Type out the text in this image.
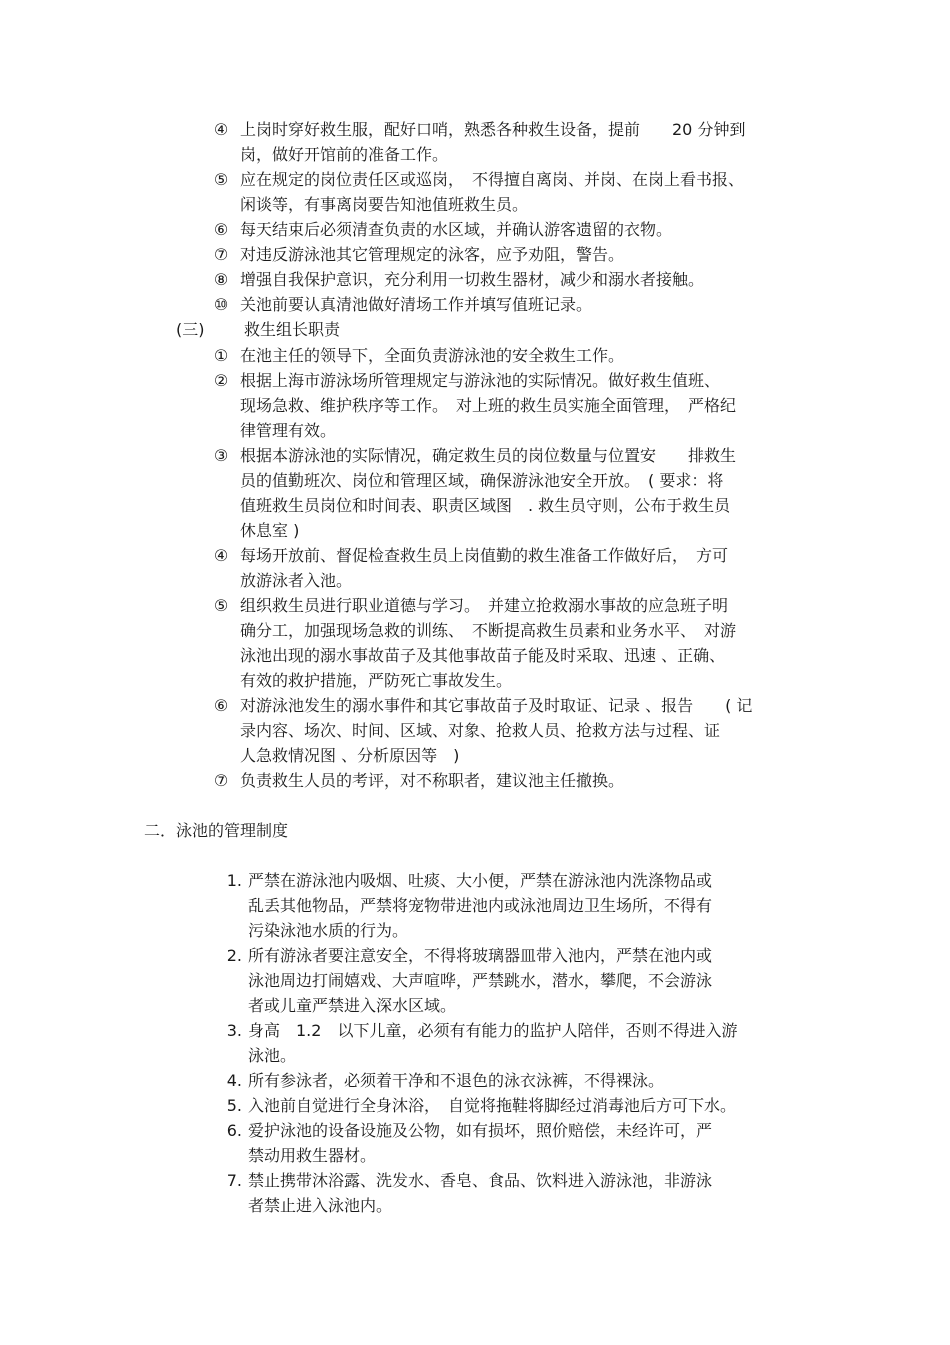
④ 上岗时穿好救生服，配好口哨，熟悉各种救生设备，提前　　20 分钟到
岗，做好开馆前的准备工作。
⑤ 应在规定的岗位责任区或巡岗，　不得擅自离岗、并岗、在岗上看书报、
闲谈等，有事离岗要告知池值班救生员。
⑥ 每天结束后必须清查负责的水区域，并确认游客遗留的衣物。
⑦ 对违反游泳池其它管理规定的泳客，应予劝阻，警告。
⑧ 增强自我保护意识，充分利用一切救生器材，减少和溺水者接触。
⑩ 关池前要认真清池做好清场工作并填写值班记录。
(三) 救生组长职责
① 在池主任的领导下，全面负责游泳池的安全救生工作。
② 根据上海市游泳场所管理规定与游泳池的实际情况。做好救生值班、
现场急救、维护秩序等工作。　对上班的救生员实施全面管理，　严格纪
律管理有效。
③ 根据本游泳池的实际情况，确定救生员的岗位数量与位置安　　排救生
员的值勤班次、岗位和管理区域，确保游泳池安全开放。　( 要求：将
值班救生员岗位和时间表、职责区域图　. 救生员守则，公布于救生员
休息室 )
④ 每场开放前、督促检查救生员上岗值勤的救生准备工作做好后，　方可
放游泳者入池。
⑤ 组织救生员进行职业道德与学习。　并建立抢救溺水事故的应急班子明
确分工，加强现场急救的训练、　不断提高救生员素和业务水平、　对游
泳池出现的溺水事故苗子及其他事故苗子能及时采取、迅速 、正确、
有效的救护措施，严防死亡事故发生。
⑥ 对游泳池发生的溺水事件和其它事故苗子及时取证、记录 、报告　　( 记
录内容、场次、时间、区域、对象、抢救人员、抢救方法与过程、证
人急救情况图 、分析原因等　)
⑦ 负责救生人员的考评，对不称职者，建议池主任撤换。
二．泳池的管理制度
1. 严禁在游泳池内吸烟、吐痰、大小便，严禁在游泳池内洗涤物品或
乱丢其他物品，严禁将宠物带进池内或泳池周边卫生场所，不得有
污染泳池水质的行为。
2. 所有游泳者要注意安全，不得将玻璃器皿带入池内，严禁在池内或
泳池周边打闹嬉戏、大声喧哗，严禁跳水，潜水，攀爬，不会游泳
者或儿童严禁进入深水区域。
3. 身高　1.2　以下儿童，必须有有能力的监护人陪伴，否则不得进入游
泳池。
4. 所有参泳者，必须着干净和不退色的泳衣泳裤，不得裸泳。
5. 入池前自觉进行全身沐浴，　自觉将拖鞋将脚经过消毒池后方可下水。
6. 爱护泳池的设备设施及公物，如有损坏，照价赔偿，未经许可，严
禁动用救生器材。
7. 禁止携带沐浴露、洗发水、香皂、食品、饮料进入游泳池，非游泳
者禁止进入泳池内。
